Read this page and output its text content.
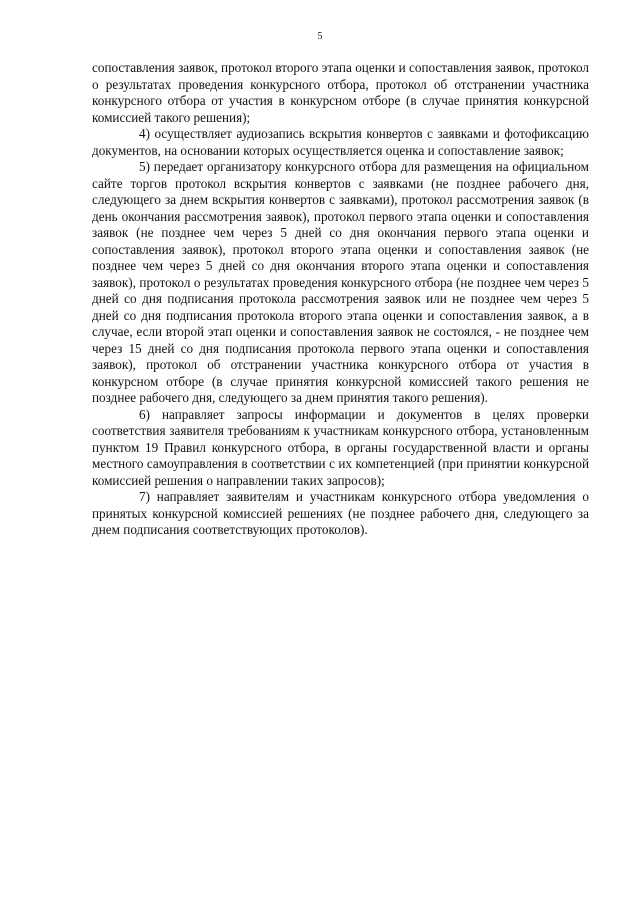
5

сопоставления заявок, протокол второго этапа оценки и сопоставления заявок, протокол о результатах проведения конкурсного отбора, протокол об отстранении участника конкурсного отбора от участия в конкурсном отборе (в случае принятия конкурсной комиссией такого решения);

4) осуществляет аудиозапись вскрытия конвертов с заявками и фотофиксацию документов, на основании которых осуществляется оценка и сопоставление заявок;

5) передает организатору конкурсного отбора для размещения на официальном сайте торгов протокол вскрытия конвертов с заявками (не позднее рабочего дня, следующего за днем вскрытия конвертов с заявками), протокол рассмотрения заявок (в день окончания рассмотрения заявок), протокол первого этапа оценки и сопоставления заявок (не позднее чем через 5 дней со дня окончания первого этапа оценки и сопоставления заявок), протокол второго этапа оценки и сопоставления заявок (не позднее чем через 5 дней со дня окончания второго этапа оценки и сопоставления заявок), протокол о результатах проведения конкурсного отбора (не позднее чем через 5 дней со дня подписания протокола рассмотрения заявок или не позднее чем через 5 дней со дня подписания протокола второго этапа оценки и сопоставления заявок, а в случае, если второй этап оценки и сопоставления заявок не состоялся, - не позднее чем через 15 дней со дня подписания протокола первого этапа оценки и сопоставления заявок), протокол об отстранении участника конкурсного отбора от участия в конкурсном отборе (в случае принятия конкурсной комиссией такого решения не позднее рабочего дня, следующего за днем принятия такого решения).

6) направляет запросы информации и документов в целях проверки соответствия заявителя требованиям к участникам конкурсного отбора, установленным пунктом 19 Правил конкурсного отбора, в органы государственной власти и органы местного самоуправления в соответствии с их компетенцией (при принятии конкурсной комиссией решения о направлении таких запросов);

7) направляет заявителям и участникам конкурсного отбора уведомления о принятых конкурсной комиссией решениях (не позднее рабочего дня, следующего за днем подписания соответствующих протоколов).
